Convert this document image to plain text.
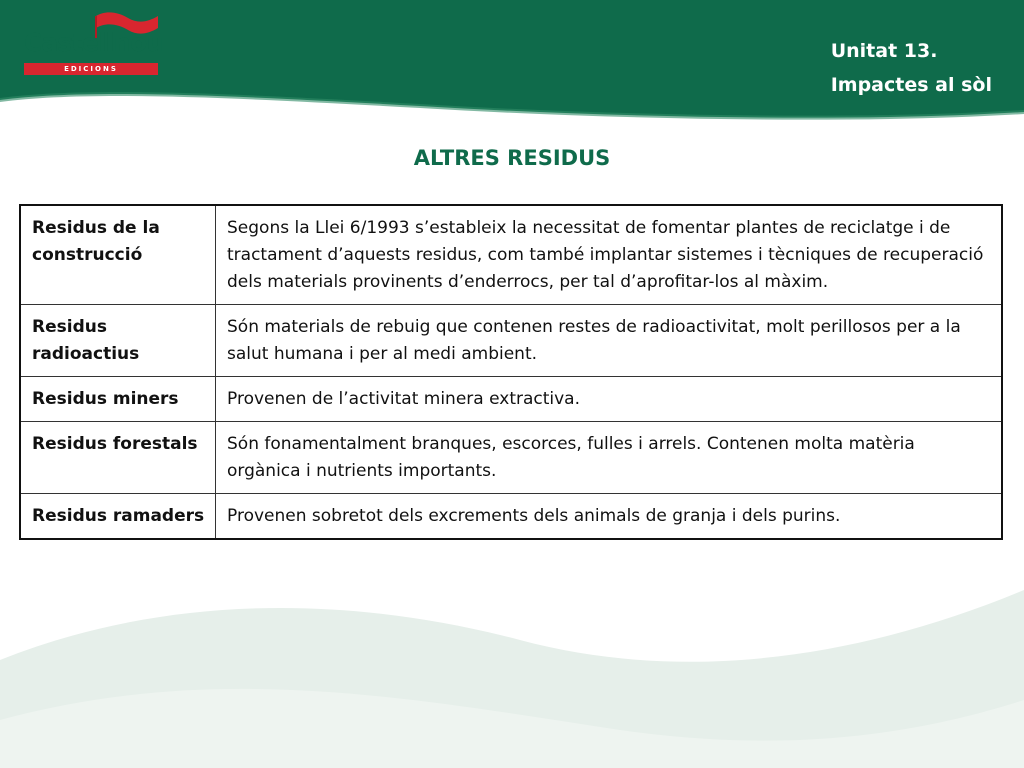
Castellnou
EDICIONS
Unitat 13.
Impactes al sòl
ALTRES RESIDUS
Residus de la construcció	Segons la Llei 6/1993 s’estableix la necessitat de fomentar plantes de reciclatge i de tractament d’aquests residus, com també implantar sistemes i tècniques de recuperació dels materials provinents d’enderrocs, per tal d’aprofitar-los al màxim.
Residus radioactius	Són materials de rebuig que contenen restes de radioactivitat, molt perillosos per a la salut humana i per al medi ambient.
Residus miners	Provenen de l’activitat minera extractiva.
Residus forestals	Són fonamentalment branques, escorces, fulles i arrels. Contenen molta matèria orgànica i nutrients importants.
Residus ramaders	Provenen sobretot dels excrements dels animals de granja i dels purins.
